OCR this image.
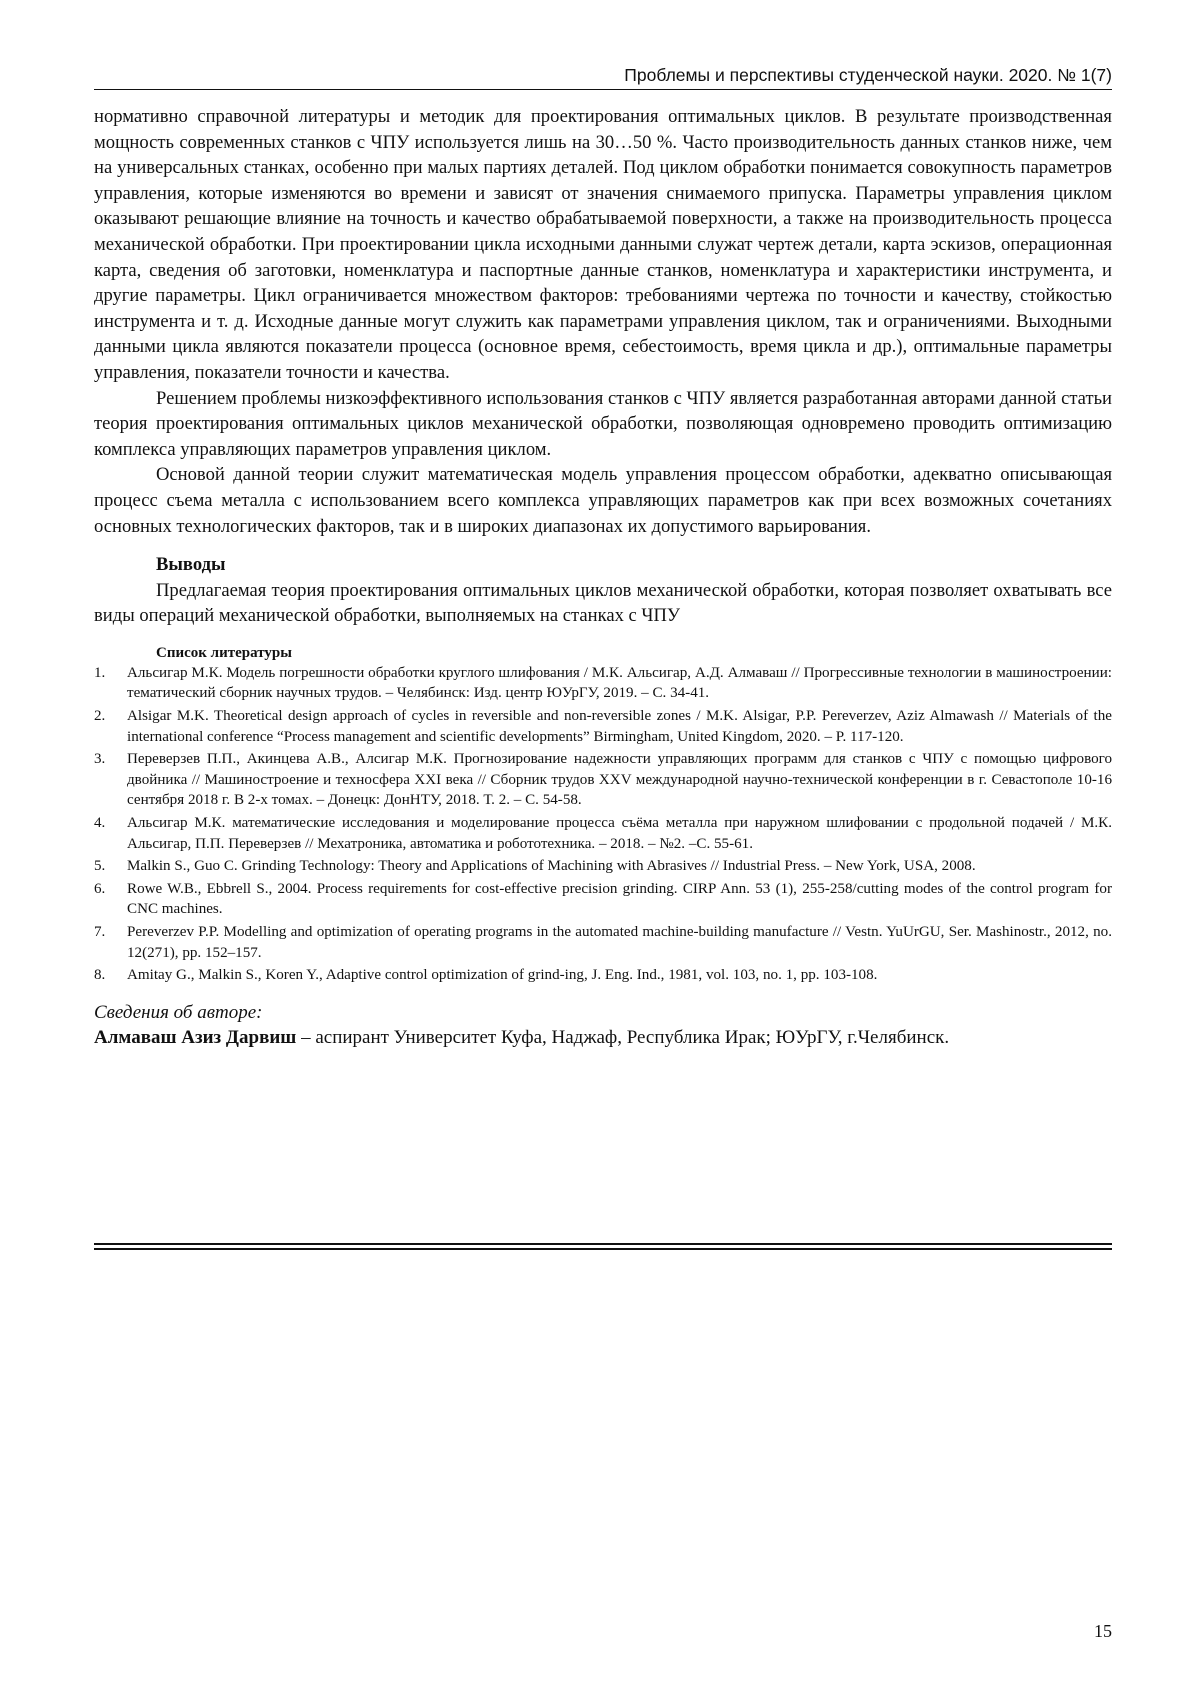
Проблемы и перспективы студенческой науки. 2020. № 1(7)

нормативно справочной литературы и методик для проектирования оптимальных циклов. В результате производственная мощность современных станков с ЧПУ используется лишь на 30…50 %. Часто производительность данных станков ниже, чем на универсальных станках, особенно при малых партиях деталей. Под циклом обработки понимается совокупность параметров управления, которые изменяются во времени и зависят от значения снимаемого припуска. Параметры управления циклом оказывают решающие влияние на точность и качество обрабатываемой поверхности, а также на производительность процесса механической обработки. При проектировании цикла исходными данными служат чертеж детали, карта эскизов, операционная карта, сведения об заготовки, номенклатура и паспортные данные станков, номенклатура и характеристики инструмента, и другие параметры. Цикл ограничивается множеством факторов: требованиями чертежа по точности и качеству, стойкостью инструмента и т. д. Исходные данные могут служить как параметрами управления циклом, так и ограничениями. Выходными данными цикла являются показатели процесса (основное время, себестоимость, время цикла и др.), оптимальные параметры управления, показатели точности и качества.

Решением проблемы низкоэффективного использования станков с ЧПУ является разработанная авторами данной статьи теория проектирования оптимальных циклов механической обработки, позволяющая одновремено проводить оптимизацию комплекса управляющих параметров управления циклом.

Основой данной теории служит математическая модель управления процессом обработки, адекватно описывающая процесс съема металла с использованием всего комплекса управляющих параметров как при всех возможных сочетаниях основных технологических факторов, так и в широких диапазонах их допустимого варьирования.

Выводы

Предлагаемая теория проектирования оптимальных циклов механической обработки, которая позволяет охватывать все виды операций механической обработки, выполняемых на станках с ЧПУ

Список литературы
1. Альсигар М.К. Модель погрешности обработки круглого шлифования / М.К. Альсигар, А.Д. Алмаваш // Прогрессивные технологии в машиностроении: тематический сборник научных трудов. – Челябинск: Изд. центр ЮУрГУ, 2019. – С. 34-41.
2. Alsigar M.K. Theoretical design approach of cycles in reversible and non-reversible zones / M.K. Alsigar, P.P. Pereverzev, Aziz Almawash // Materials of the international conference “Process management and scientific developments” Birmingham, United Kingdom, 2020. – P. 117-120.
3. Переверзев П.П., Акинцева А.В., Алсигар М.К. Прогнозирование надежности управляющих программ для станков с ЧПУ с помощью цифрового двойника // Машиностроение и техносфера XXI века // Сборник трудов XXV международной научно-технической конференции в г. Севастополе 10-16 сентября 2018 г. В 2-х томах. – Донецк: ДонНТУ, 2018. Т. 2. – С. 54-58.
4. Альсигар М.К. математические исследования и моделирование процесса съёма металла при наружном шлифовании с продольной подачей / М.К. Альсигар, П.П. Переверзев // Мехатроника, автоматика и робототехника. – 2018. – №2. –С. 55-61.
5. Malkin S., Guo C. Grinding Technology: Theory and Applications of Machining with Abrasives // Industrial Press. – New York, USA, 2008.
6. Rowe W.B., Ebbrell S., 2004. Process requirements for cost-effective precision grinding. CIRP Ann. 53 (1), 255-258/cutting modes of the control program for CNC machines.
7. Pereverzev P.P. Modelling and optimization of operating programs in the automated machine-building manufacture // Vestn. YuUrGU, Ser. Mashinostr., 2012, no. 12(271), pp. 152–157.
8. Amitay G., Malkin S., Koren Y., Adaptive control optimization of grind-ing, J. Eng. Ind., 1981, vol. 103, no. 1, pp. 103-108.
Сведения об авторе:

Алмаваш Азиз Дарвиш – аспирант Университет Куфа, Наджаф, Республика Ирак; ЮУрГУ, г.Челябинск.

15
